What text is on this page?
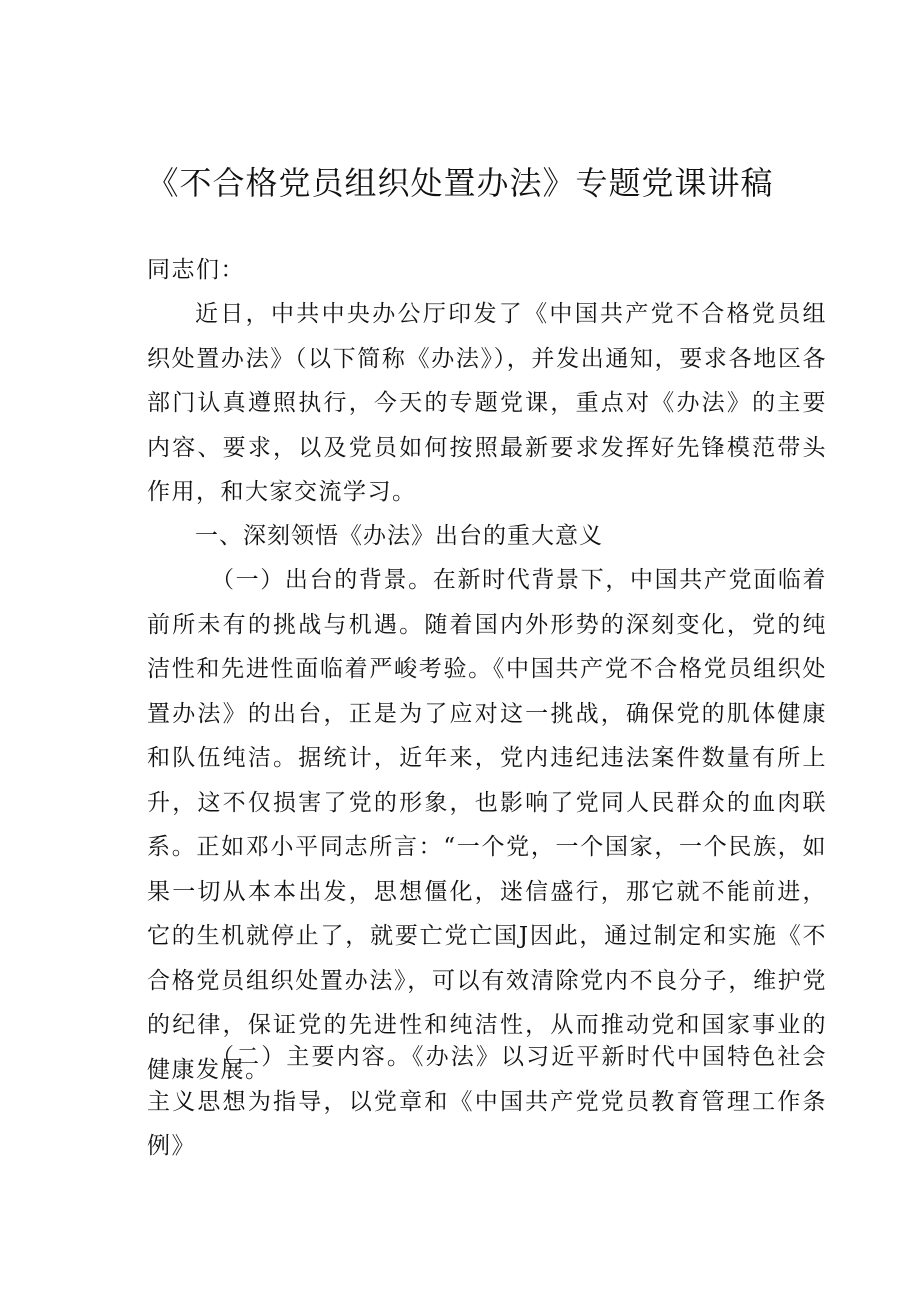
《不合格党员组织处置办法》专题党课讲稿

同志们：

近日，中共中央办公厅印发了《中国共产党不合格党员组织处置办法》（以下简称《办法》），并发出通知，要求各地区各部门认真遵照执行，今天的专题党课，重点对《办法》的主要内容、要求，以及党员如何按照最新要求发挥好先锋模范带头作用，和大家交流学习。

一、深刻领悟《办法》出台的重大意义

（一）出台的背景。在新时代背景下，中国共产党面临着前所未有的挑战与机遇。随着国内外形势的深刻变化，党的纯洁性和先进性面临着严峻考验。《中国共产党不合格党员组织处置办法》的出台，正是为了应对这一挑战，确保党的肌体健康和队伍纯洁。据统计，近年来，党内违纪违法案件数量有所上升，这不仅损害了党的形象，也影响了党同人民群众的血肉联系。正如邓小平同志所言：“一个党，一个国家，一个民族，如果一切从本本出发，思想僵化，迷信盛行，那它就不能前进，它的生机就停止了，就要亡党亡国J因此，通过制定和实施《不合格党员组织处置办法》，可以有效清除党内不良分子，维护党的纪律，保证党的先进性和纯洁性，从而推动党和国家事业的健康发展。

（二）主要内容。《办法》以习近平新时代中国特色社会主义思想为指导，以党章和《中国共产党党员教育管理工作条例》
